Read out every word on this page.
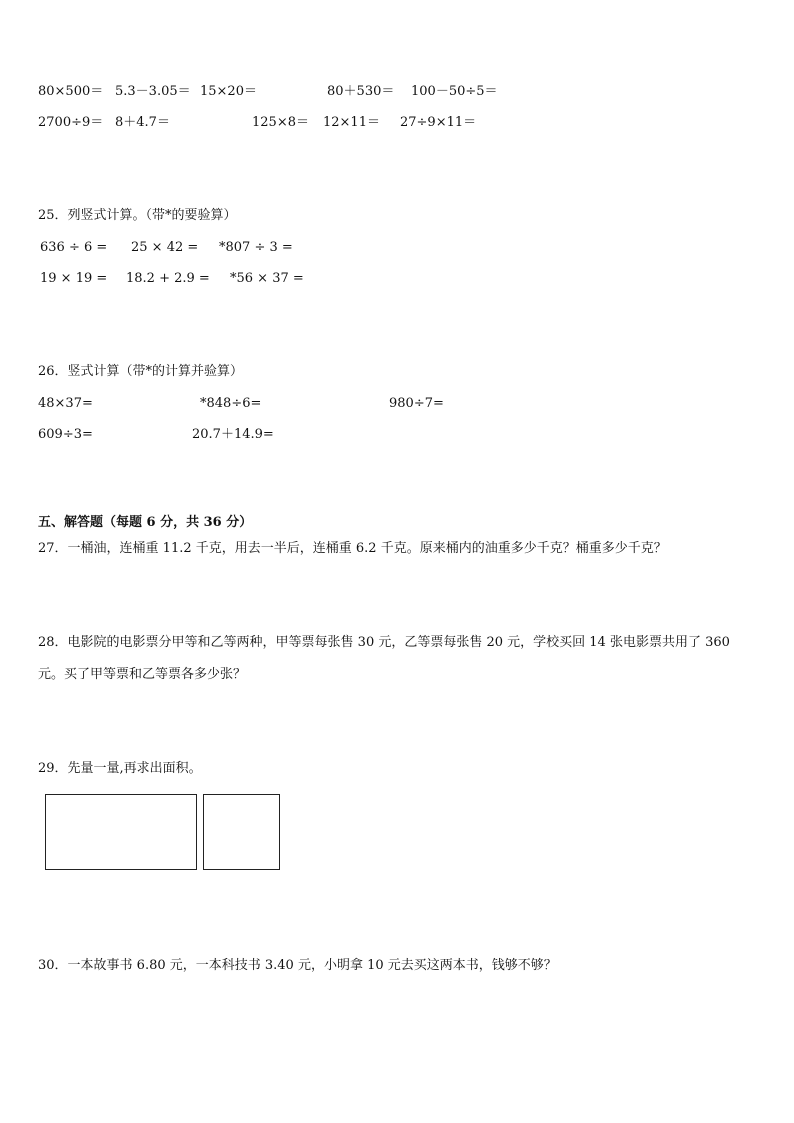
80×500＝ 5.3－3.05＝ 15×20＝	80＋530＝ 100－50÷5＝
2700÷9＝ 8＋4.7＝	125×8＝ 12×11＝ 27÷9×11＝
25．列竖式计算。（带*的要验算）
636 ÷ 6 = 25 × 42 = *807 ÷ 3 =
19 × 19 = 18.2 + 2.9 = *56 × 37 =
26．竖式计算（带*的计算并验算）
48×37=	*848÷6=	980÷7=
609÷3=	20.7＋14.9=
五、解答题（每题 6 分，共 36 分）
27．一桶油，连桶重 11.2 千克，用去一半后，连桶重 6.2 千克。原来桶内的油重多少千克？桶重多少千克？
28．电影院的电影票分甲等和乙等两种，甲等票每张售 30 元，乙等票每张售 20 元，学校买回 14 张电影票共用了 360
元。买了甲等票和乙等票各多少张？
29．先量一量,再求出面积。
30．一本故事书 6.80 元，一本科技书 3.40 元，小明拿 10 元去买这两本书，钱够不够？
